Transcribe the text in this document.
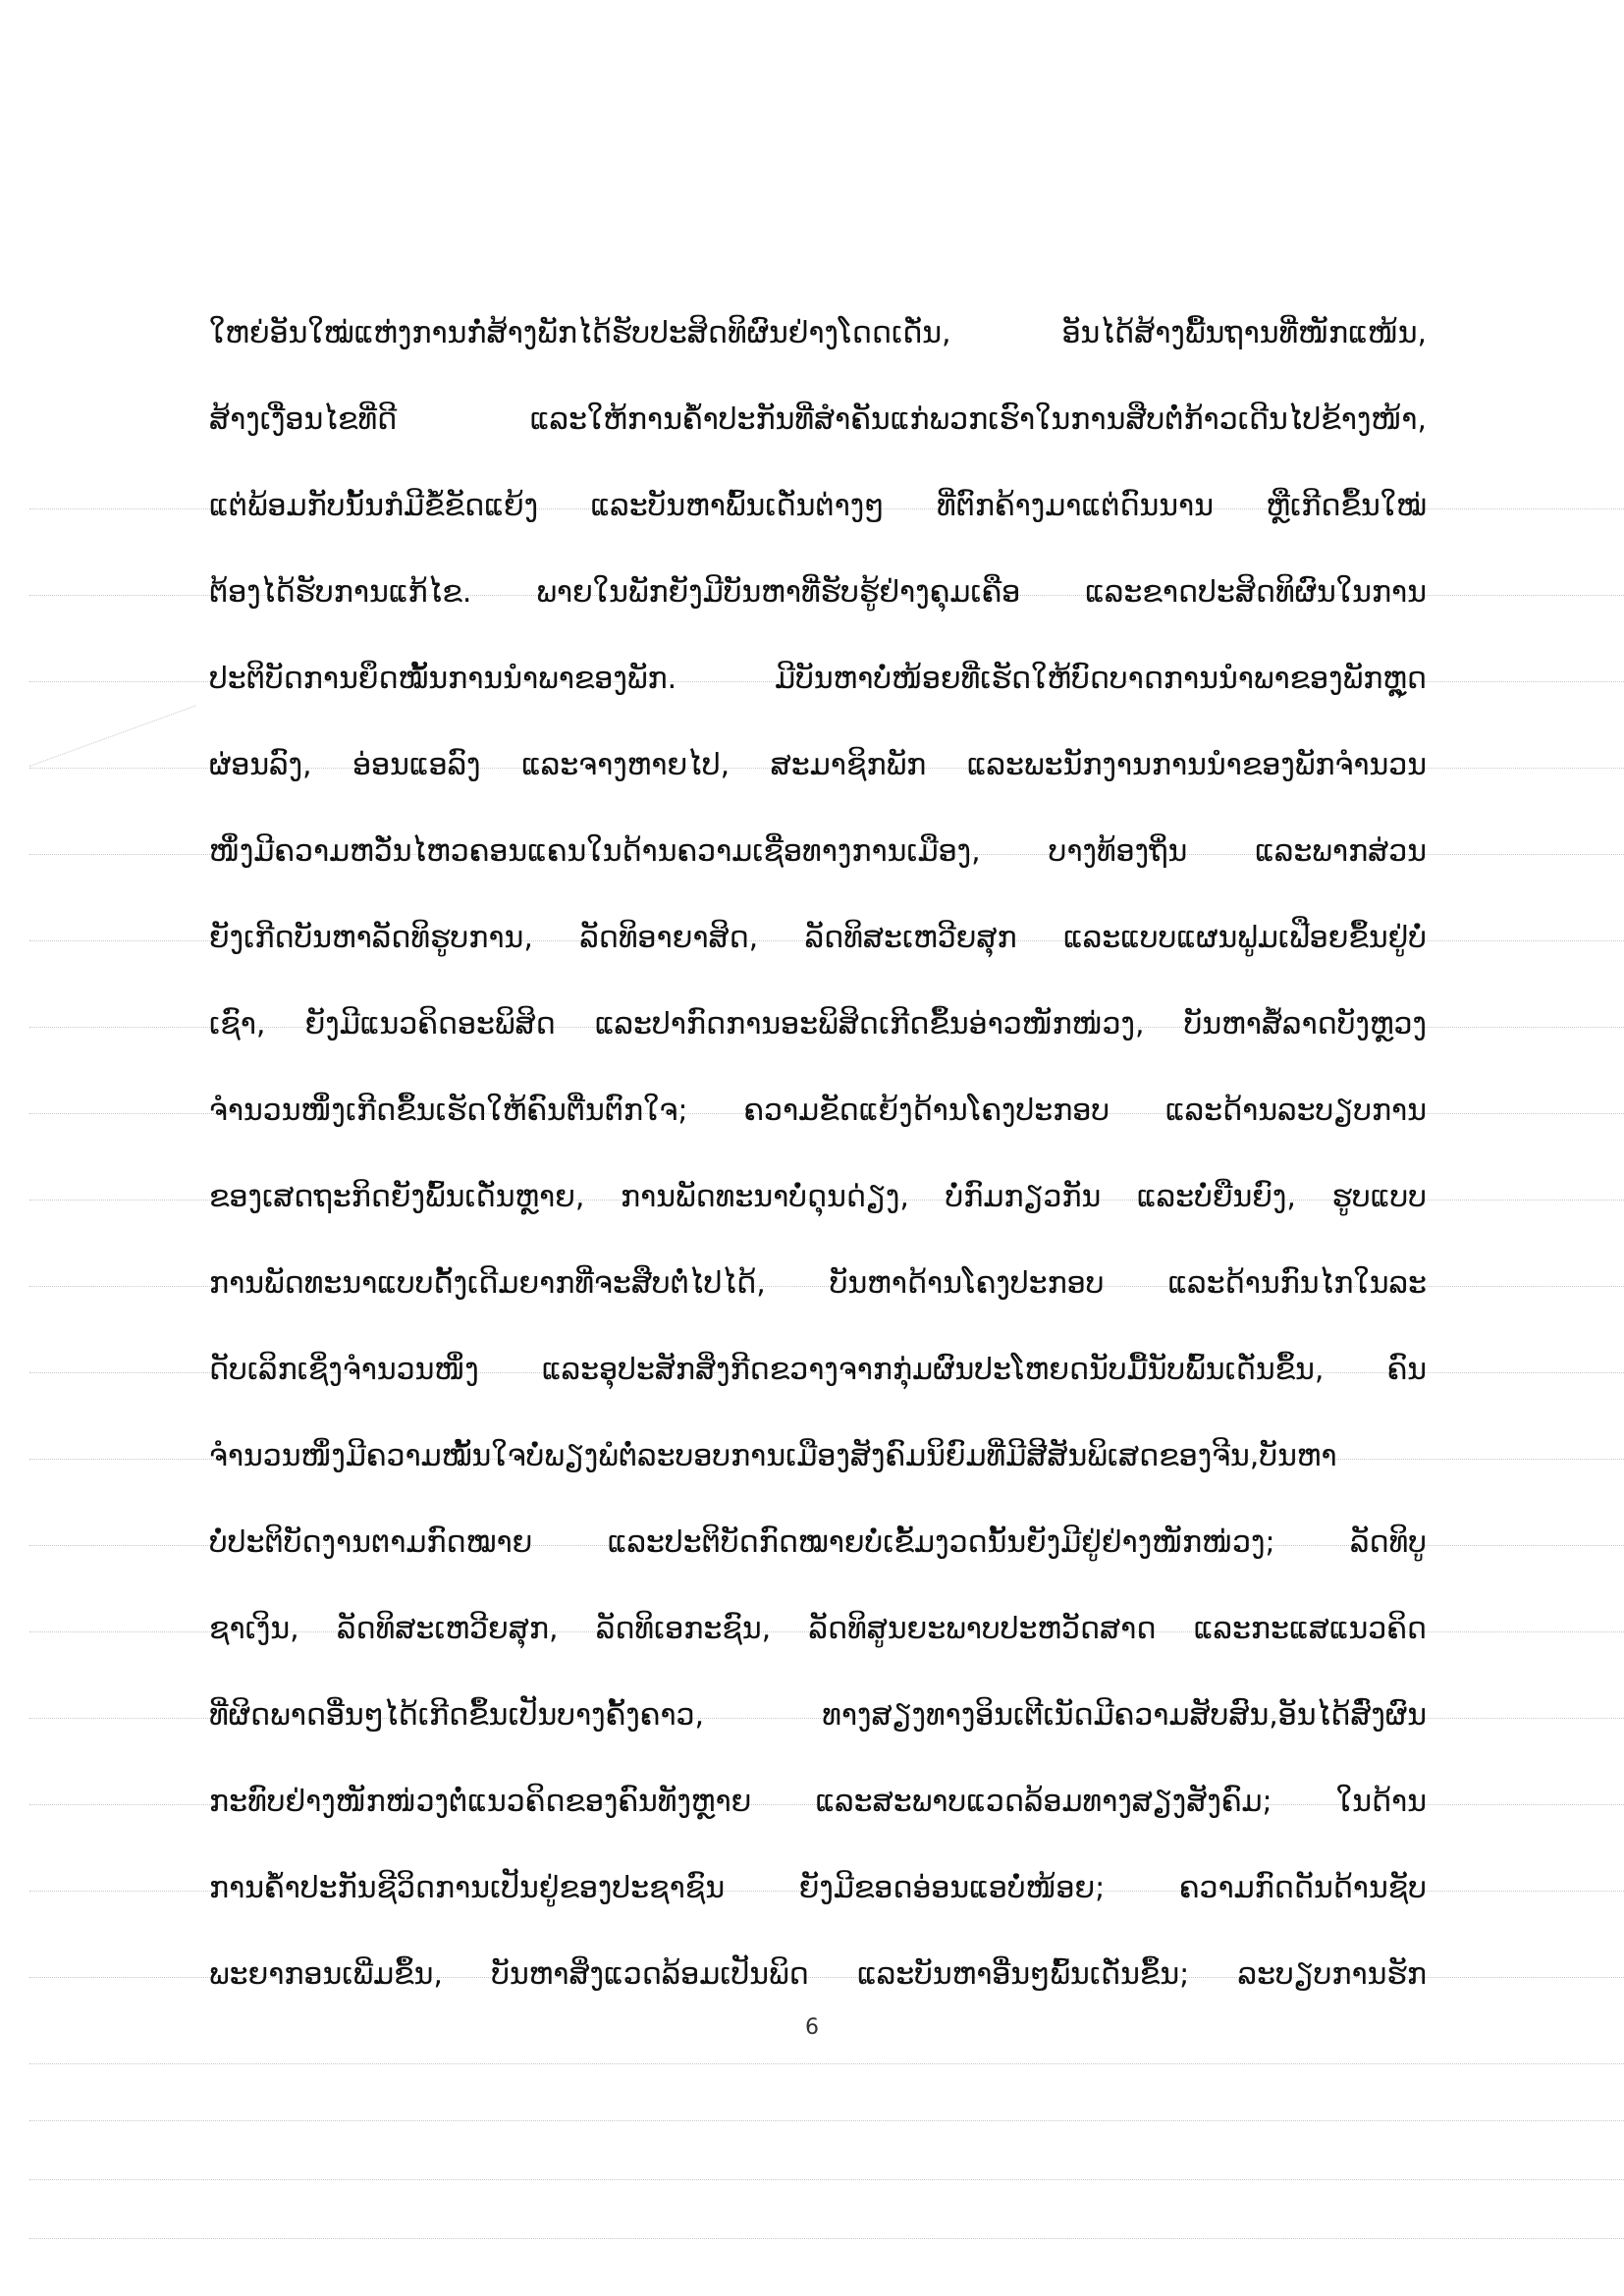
ໃຫຍ່ອັນໃໝ່ແຫ່ງການກໍ່ສ້າງພັກໄດ້ຮັບປະສິດທິຜົນຢ່າງໂດດເດັ່ນ, ອັນໄດ້ສ້າງພື້ນຖານທີ່ໜັກແໜ້ນ,
ສ້າງເງື່ອນໄຂທີ່ດີ ແລະໃຫ້ການຄໍ້າປະກັນທີ່ສໍາຄັນແກ່ພວກເຮົາໃນການສືບຕໍ່ກ້າວເດີນໄປຂ້າງໜ້າ,
ແຕ່ພ້ອມກັບນັ້ນກໍມີຂໍ້ຂັດແຍ້ງ ແລະບັນຫາພົ້ນເດັ່ນຕ່າງໆ ທີ່ຕົກຄ້າງມາແຕ່ດົນນານ ຫຼືເກີດຂຶ້ນໃໝ່
ຕ້ອງໄດ້ຮັບການແກ້ໄຂ. ພາຍໃນພັກຍັງມີບັນຫາທີ່ຮັບຮູ້ຢ່າງຄຸມເຄືອ ແລະຂາດປະສິດທິຜົນໃນການ
ປະຕິບັດການຍຶດໝັ້ນການນໍາພາຂອງພັກ. ມີບັນຫາບໍ່ໜ້ອຍທີ່ເຮັດໃຫ້ບົດບາດການນໍາພາຂອງພັກຫຼຸດ
ຜ່ອນລົງ, ອ່ອນແອລົງ ແລະຈາງຫາຍໄປ, ສະມາຊິກພັກ ແລະພະນັກງານການນໍາຂອງພັກຈໍານວນ
ໜຶ່ງມີຄວາມຫວັ່ນໄຫວຄອນແຄນໃນດ້ານຄວາມເຊື່ອທາງການເມືອງ, ບາງທ້ອງຖິ່ນ ແລະພາກສ່ວນ
ຍັງເກີດບັນຫາລັດທິຮູບການ, ລັດທິອາຍາສິດ, ລັດທິສະເຫວີຍສຸກ ແລະແບບແຜນຟູມເຟືອຍຂຶ້ນຢູ່ບໍ່
ເຊົາ, ຍັງມີແນວຄິດອະພິສິດ ແລະປາກົດການອະພິສິດເກີດຂຶ້ນອ່າວໜັກໜ່ວງ, ບັນຫາສໍ້ລາດບັງຫຼວງ
ຈໍານວນໜຶ່ງເກີດຂຶ້ນເຮັດໃຫ້ຄົນຕື່ນຕົກໃຈ; ຄວາມຂັດແຍ້ງດ້ານໂຄງປະກອບ ແລະດ້ານລະບຽບການ
ຂອງເສດຖະກິດຍັງພົ້ນເດັ່ນຫຼາຍ, ການພັດທະນາບໍ່ດຸນດ່ຽງ, ບໍ່ກົມກຽວກັນ ແລະບໍ່ຍືນຍົງ, ຮູບແບບ
ການພັດທະນາແບບດັ້ງເດີມຍາກທີ່ຈະສືບຕໍ່ໄປໄດ້, ບັນຫາດ້ານໂຄງປະກອບ ແລະດ້ານກົນໄກໃນລະ
ດັບເລິກເຊິ່ງຈໍານວນໜຶ່ງ ແລະອຸປະສັກສິ່ງກີດຂວາງຈາກກຸ່ມຜົນປະໂຫຍດນັບມື້ນັບພົ້ນເດັ່ນຂຶ້ນ, ຄົນ
ຈໍານວນໜຶ່ງມີຄວາມໝັ້ນໃຈບໍ່ພຽງພໍຕໍ່ລະບອບການເມືອງສັງຄົມນິຍົມທີ່ມີສີສັນພິເສດຂອງຈີນ,ບັນຫາ
ບໍ່ປະຕິບັດງານຕາມກົດໝາຍ ແລະປະຕິບັດກົດໝາຍບໍ່ເຂັ້ມງວດນັ້ນຍັງມີຢູ່ຢ່າງໜັກໜ່ວງ; ລັດທິບູ
ຊາເງິນ, ລັດທິສະເຫວີຍສຸກ, ລັດທິເອກະຊົນ, ລັດທິສູນຍະພາບປະຫວັດສາດ ແລະກະແສແນວຄິດ
ທີ່ຜິດພາດອື່ນໆໄດ້ເກີດຂຶ້ນເປັນບາງຄັ້ງຄາວ, ທາງສຽງທາງອິນເຕີເນັດມີຄວາມສັບສົນ,ອັນໄດ້ສົ່ງຜົນ
ກະທົບຢ່າງໜັກໜ່ວງຕໍ່ແນວຄິດຂອງຄົນທັງຫຼາຍ ແລະສະພາບແວດລ້ອມທາງສຽງສັງຄົມ; ໃນດ້ານ
ການຄໍ້າປະກັນຊີວິດການເປັນຢູ່ຂອງປະຊາຊົນ ຍັງມີຂອດອ່ອນແອບໍ່ໜ້ອຍ; ຄວາມກົດດັນດ້ານຊັບ
ພະຍາກອນເພີ່ມຂຶ້ນ, ບັນຫາສິ່ງແວດລ້ອມເປັນພິດ ແລະບັນຫາອື່ນໆພົ້ນເດັ່ນຂຶ້ນ; ລະບຽບການຮັກ
6
